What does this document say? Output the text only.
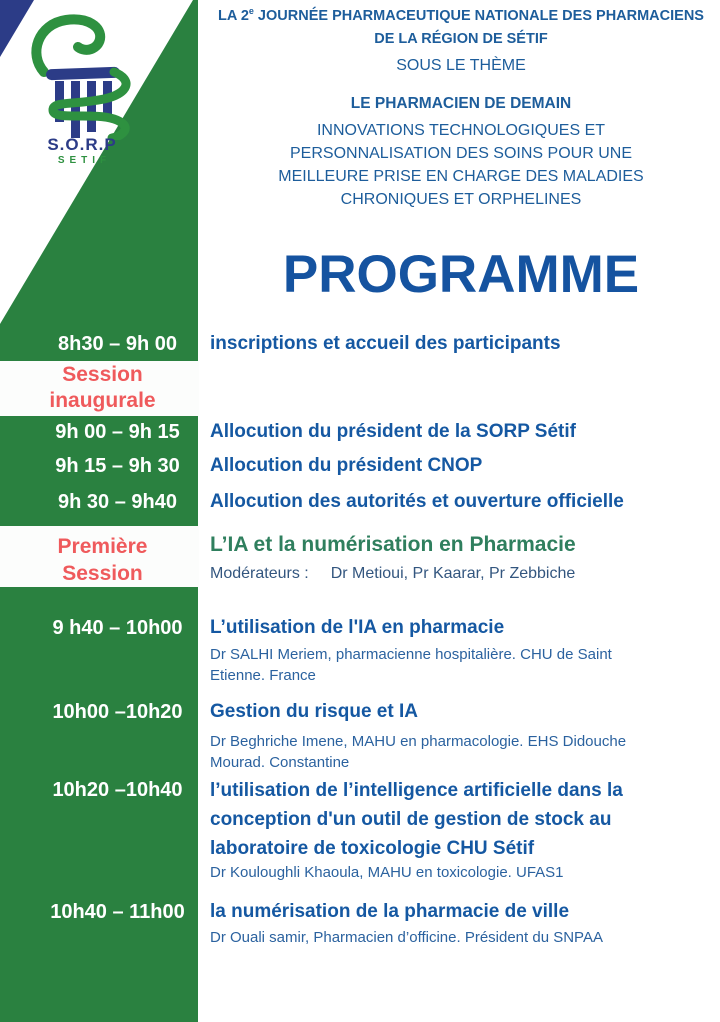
S.O.R.P
SETIF
LA 2e JOURNÉE PHARMACEUTIQUE NATIONALE DES PHARMACIENS DE LA RÉGION DE SÉTIF
SOUS LE THÈME
LE PHARMACIEN DE DEMAIN
INNOVATIONS TECHNOLOGIQUES ET PERSONNALISATION DES SOINS POUR UNE MEILLEURE PRISE EN CHARGE DES MALADIES CHRONIQUES ET ORPHELINES
PROGRAMME
8h30 – 9h 00	inscriptions et accueil des participants
Session
inaugurale
9h 00 – 9h 15	Allocution du président de la SORP Sétif
9h 15 – 9h 30	Allocution du président CNOP
9h 30 – 9h40	Allocution des autorités et ouverture officielle
Première
Session
L’IA et la numérisation en Pharmacie
Modérateurs : Dr Metioui, Pr Kaarar, Pr Zebbiche
9 h40 – 10h00	L’utilisation de l'IA en pharmacie
Dr SALHI Meriem, pharmacienne hospitalière. CHU de Saint Etienne. France
10h00 –10h20	Gestion du risque et IA
Dr Beghriche Imene, MAHU en pharmacologie. EHS Didouche Mourad. Constantine
10h20 –10h40	l’utilisation de l’intelligence artificielle dans la conception d'un outil de gestion de stock au laboratoire de toxicologie CHU Sétif
Dr Kouloughli Khaoula, MAHU en toxicologie. UFAS1
10h40 – 11h00	la numérisation de la pharmacie de ville
Dr Ouali samir, Pharmacien d’officine. Président du SNPAA
